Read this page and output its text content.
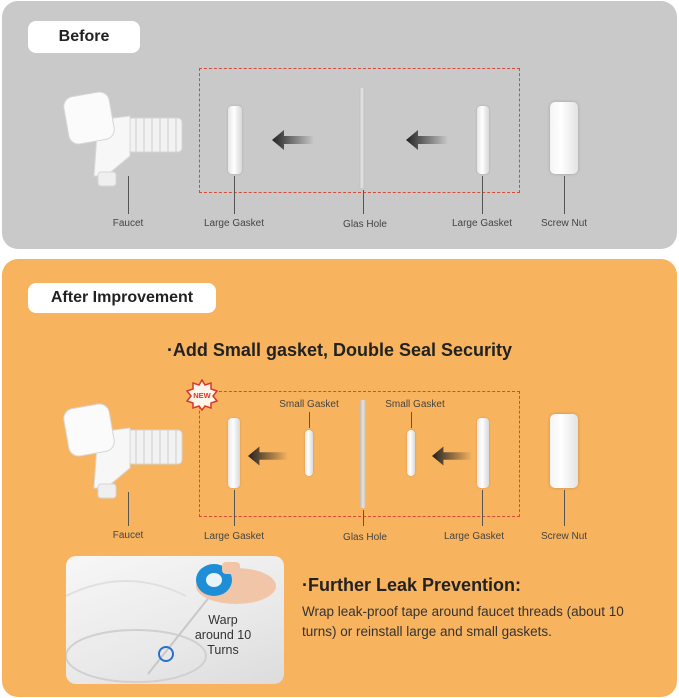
Before
Faucet	Large Gasket	Glas Hole	Large Gasket	Screw Nut
After Improvement
·Add Small gasket, Double Seal Security
NEW
Faucet	Large Gasket
Small Gasket
Glas Hole
Small Gasket
Large Gasket	Screw Nut
Warp around 10 Turns
·Further Leak Prevention:
Wrap leak-proof tape around faucet threads (about 10 turns) or reinstall large and small gaskets.
